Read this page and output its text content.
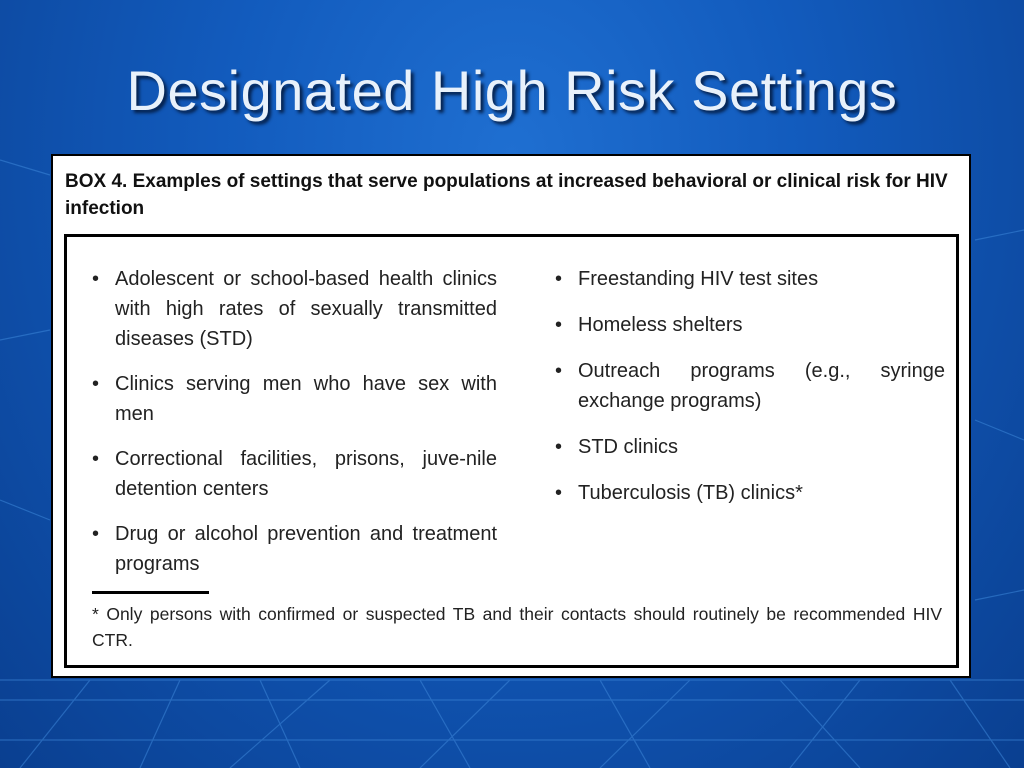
Designated High Risk Settings
BOX 4. Examples of settings that serve populations at increased behavioral or clinical risk for HIV infection
• Adolescent or school-based health clinics with high rates of sexually transmitted diseases (STD)
• Clinics serving men who have sex with men
• Correctional facilities, prisons, juve-nile detention centers
• Drug or alcohol prevention and treatment programs
• Freestanding HIV test sites
• Homeless shelters
• Outreach programs (e.g., syringe exchange programs)
• STD clinics
• Tuberculosis (TB) clinics*
* Only persons with confirmed or suspected TB and their contacts should routinely be recommended HIV CTR.
